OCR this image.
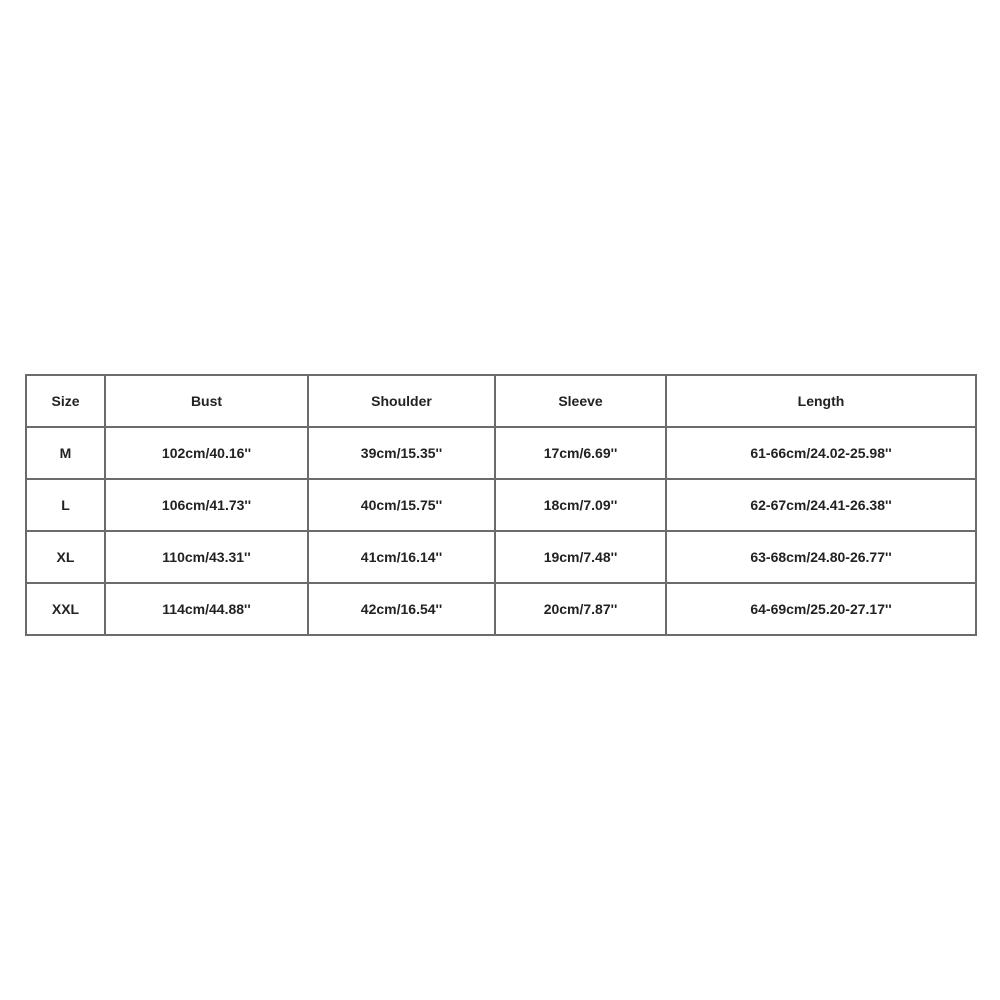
Size	Bust	Shoulder	Sleeve	Length
M	102cm/40.16''	39cm/15.35''	17cm/6.69''	61-66cm/24.02-25.98''
L	106cm/41.73''	40cm/15.75''	18cm/7.09''	62-67cm/24.41-26.38''
XL	110cm/43.31''	41cm/16.14''	19cm/7.48''	63-68cm/24.80-26.77''
XXL	114cm/44.88''	42cm/16.54''	20cm/7.87''	64-69cm/25.20-27.17''
